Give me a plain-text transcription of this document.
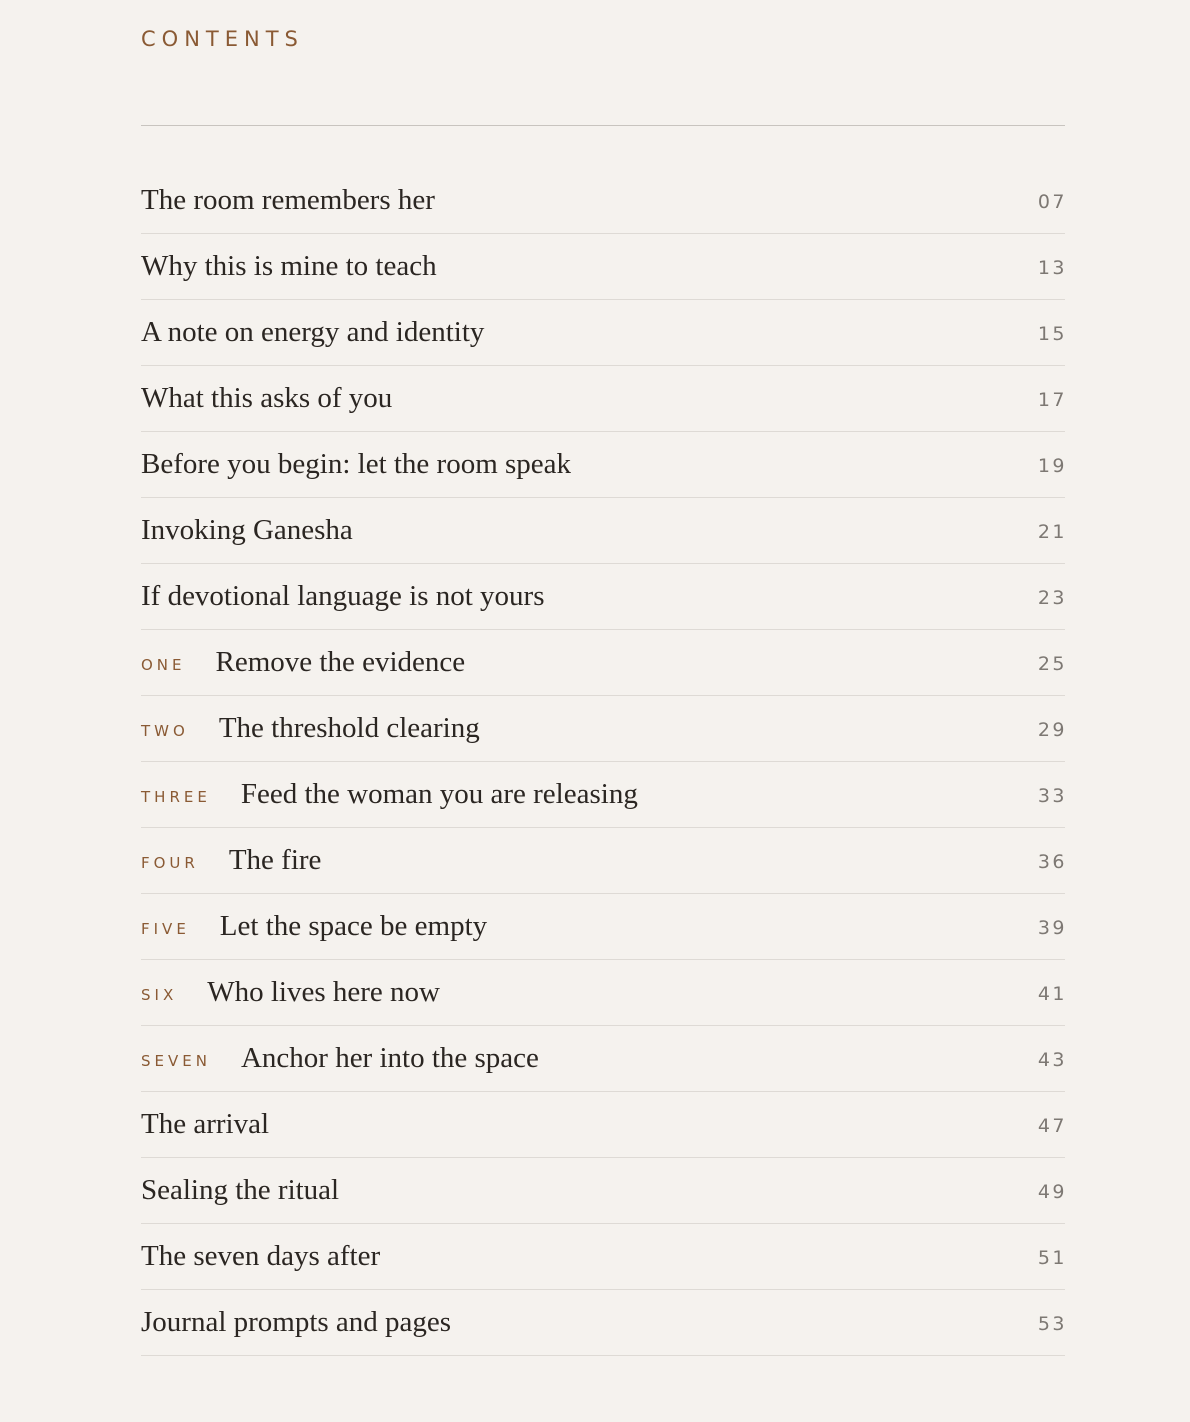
CONTENTS
The room remembers her	07
Why this is mine to teach	13
A note on energy and identity	15
What this asks of you	17
Before you begin: let the room speak	19
Invoking Ganesha	21
If devotional language is not yours	23
ONE Remove the evidence	25
TWO The threshold clearing	29
THREE Feed the woman you are releasing	33
FOUR The fire	36
FIVE Let the space be empty	39
SIX Who lives here now	41
SEVEN Anchor her into the space	43
The arrival	47
Sealing the ritual	49
The seven days after	51
Journal prompts and pages	53
